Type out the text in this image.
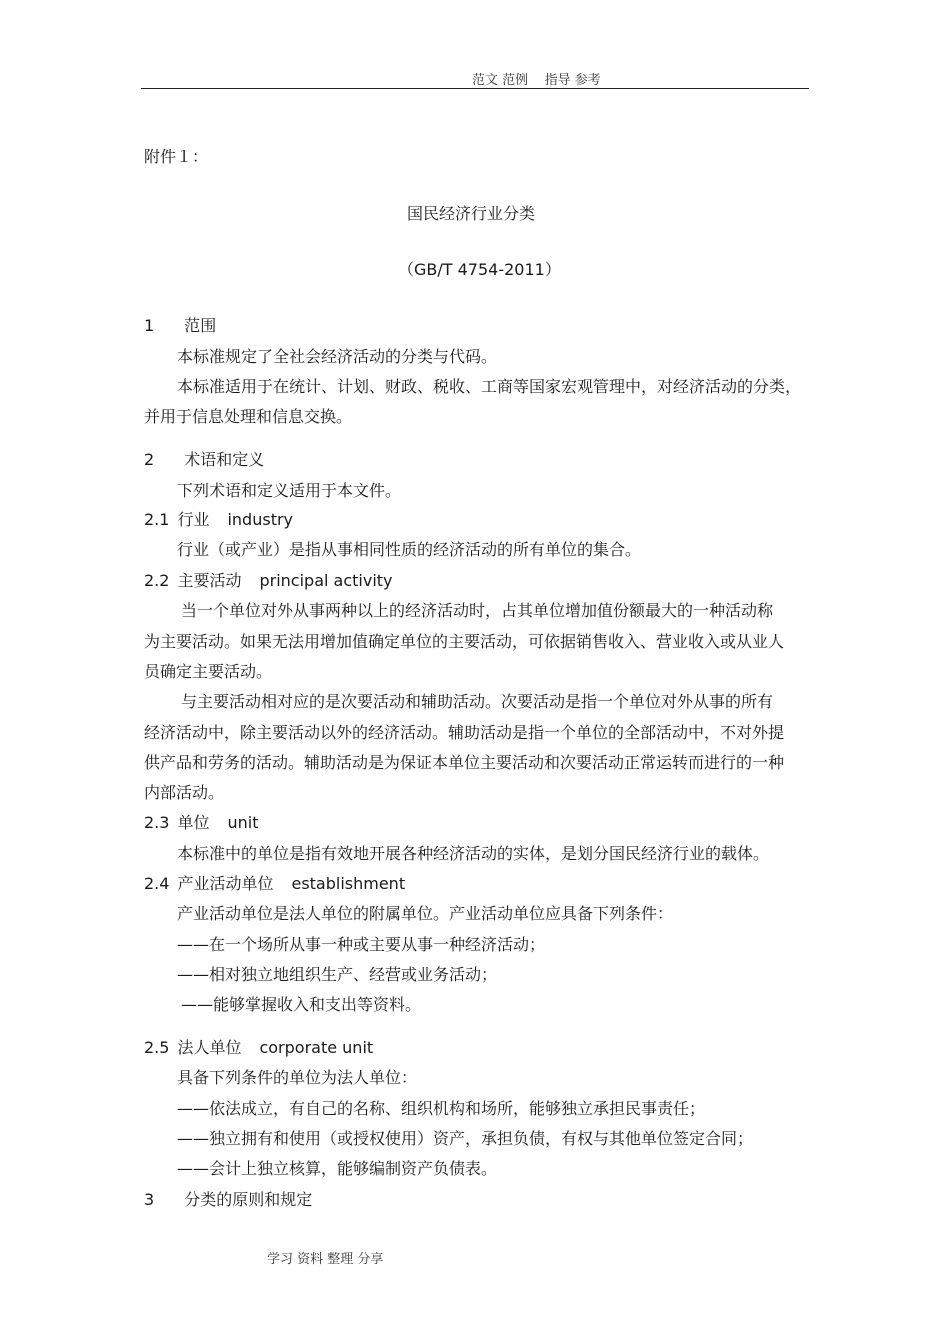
范文 范例    指导 参考
附件１：
国民经济行业分类
（GB/T 4754-2011）
1 范围
本标准规定了全社会经济活动的分类与代码。
本标准适用于在统计、计划、财政、税收、工商等国家宏观管理中，对经济活动的分类，
并用于信息处理和信息交换。
2 术语和定义
下列术语和定义适用于本文件。
2.1 行业 industry
行业（或产业）是指从事相同性质的经济活动的所有单位的集合。
2.2 主要活动 principal activity
当一个单位对外从事两种以上的经济活动时，占其单位增加值份额最大的一种活动称
为主要活动。如果无法用增加值确定单位的主要活动，可依据销售收入、营业收入或从业人
员确定主要活动。
与主要活动相对应的是次要活动和辅助活动。次要活动是指一个单位对外从事的所有
经济活动中，除主要活动以外的经济活动。辅助活动是指一个单位的全部活动中，不对外提
供产品和劳务的活动。辅助活动是为保证本单位主要活动和次要活动正常运转而进行的一种
内部活动。
2.3 单位 unit
本标准中的单位是指有效地开展各种经济活动的实体，是划分国民经济行业的载体。
2.4 产业活动单位 establishment
产业活动单位是法人单位的附属单位。产业活动单位应具备下列条件：
——在一个场所从事一种或主要从事一种经济活动；
——相对独立地组织生产、经营或业务活动；
——能够掌握收入和支出等资料。
2.5 法人单位 corporate unit
具备下列条件的单位为法人单位：
——依法成立，有自己的名称、组织机构和场所，能够独立承担民事责任；
——独立拥有和使用（或授权使用）资产，承担负债，有权与其他单位签定合同；
——会计上独立核算，能够编制资产负债表。
3 分类的原则和规定
学习 资料 整理 分享
